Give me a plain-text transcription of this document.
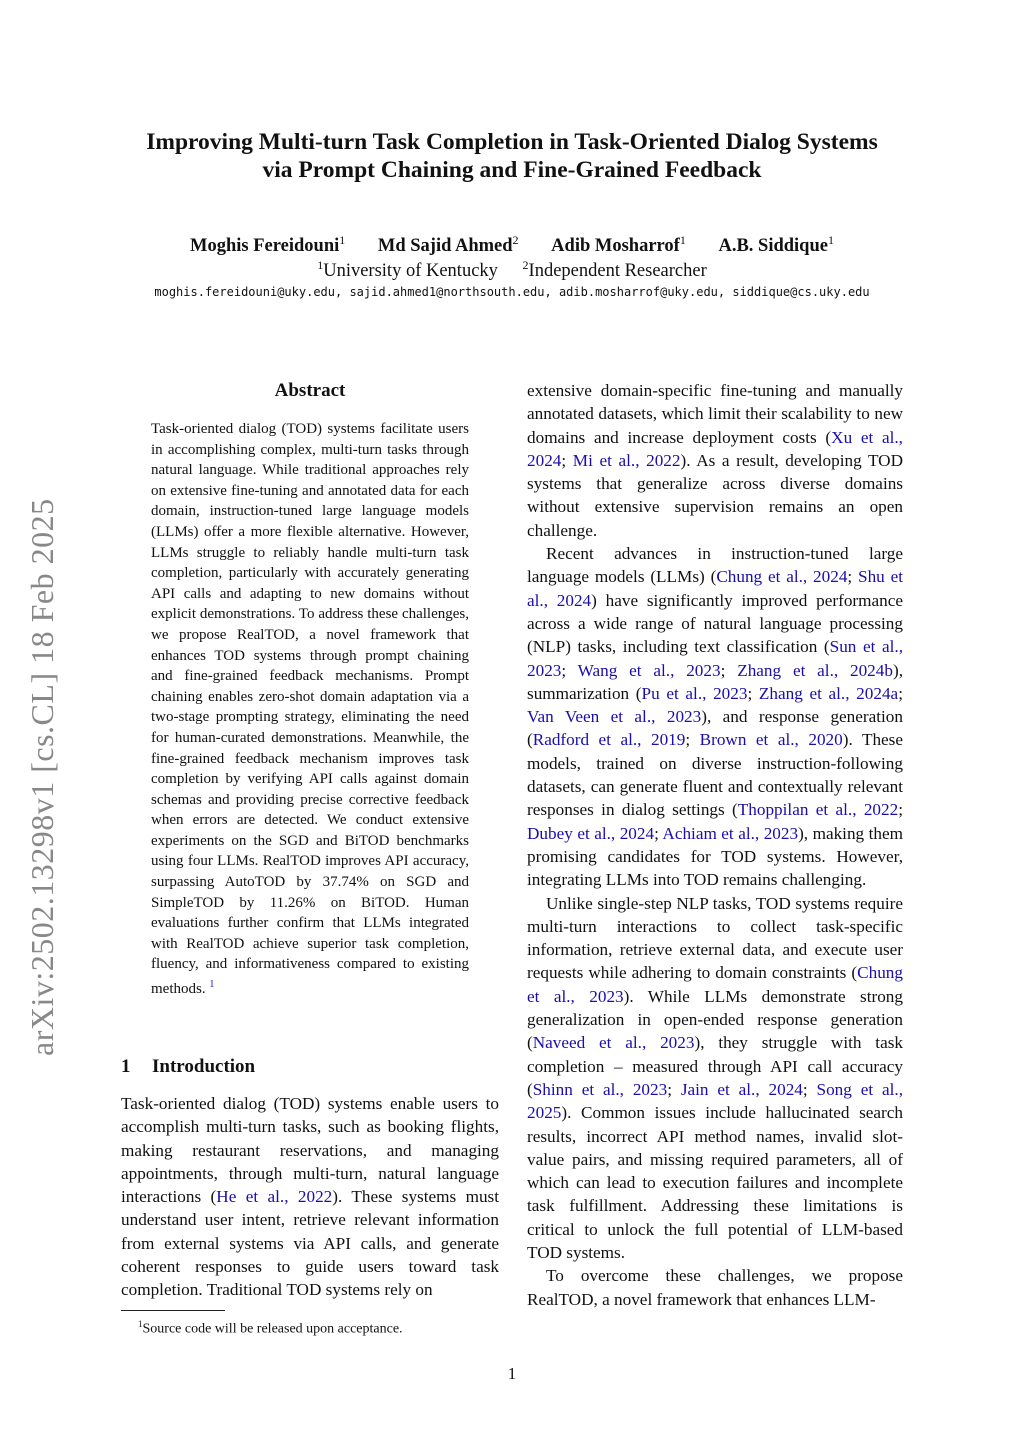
Improving Multi-turn Task Completion in Task-Oriented Dialog Systems

via Prompt Chaining and Fine-Grained Feedback

Moghis Fereidouni$^1$ Md Sajid Ahmed$^2$ Adib Mosharrof$^1$ A.B. Siddique$^1$
$^1$University of Kentucky $^2$Independent Researcher
moghis.fereidouni@uky.edu, sajid.ahmed1@northsouth.edu, adib.mosharrof@uky.edu, siddique@cs.uky.edu
arXiv:2502.13298v1 [cs.CL] 18 Feb 2025
Abstract

Task-oriented dialog (TOD) systems facilitate users in accomplishing complex, multi-turn tasks through natural language. While traditional approaches rely on extensive fine-tuning and annotated data for each domain, instruction-tuned large language models (LLMs) offer a more flexible alternative. However, LLMs struggle to reliably handle multi-turn task completion, particularly with accurately generating API calls and adapting to new domains without explicit demonstrations. To address these challenges, we propose RealTOD, a novel framework that enhances TOD systems through prompt chaining and fine-grained feedback mechanisms. Prompt chaining enables zero-shot domain adaptation via a two-stage prompting strategy, eliminating the need for human-curated demonstrations. Meanwhile, the fine-grained feedback mechanism improves task completion by verifying API calls against domain schemas and providing precise corrective feedback when errors are detected. We conduct extensive experiments on the SGD and BiTOD benchmarks using four LLMs. RealTOD improves API accuracy, surpassing AutoTOD by 37.74% on SGD and SimpleTOD by 11.26% on BiTOD. Human evaluations further confirm that LLMs integrated with RealTOD achieve superior task completion, fluency, and informativeness compared to existing methods. $^1$

1 Introduction

Task-oriented dialog (TOD) systems enable users to accomplish multi-turn tasks, such as booking flights, making restaurant reservations, and managing appointments, through multi-turn, natural language interactions (He et al., 2022). These systems must understand user intent, retrieve relevant information from external systems via API calls, and generate coherent responses to guide users toward task completion. Traditional TOD systems rely on

$^1$Source code will be released upon acceptance.

extensive domain-specific fine-tuning and manually annotated datasets, which limit their scalability to new domains and increase deployment costs (Xu et al., 2024; Mi et al., 2022). As a result, developing TOD systems that generalize across diverse domains without extensive supervision remains an open challenge.

Recent advances in instruction-tuned large language models (LLMs) (Chung et al., 2024; Shu et al., 2024) have significantly improved performance across a wide range of natural language processing (NLP) tasks, including text classification (Sun et al., 2023; Wang et al., 2023; Zhang et al., 2024b), summarization (Pu et al., 2023; Zhang et al., 2024a; Van Veen et al., 2023), and response generation (Radford et al., 2019; Brown et al., 2020). These models, trained on diverse instruction-following datasets, can generate fluent and contextually relevant responses in dialog settings (Thoppilan et al., 2022; Dubey et al., 2024; Achiam et al., 2023), making them promising candidates for TOD systems. However, integrating LLMs into TOD remains challenging.

Unlike single-step NLP tasks, TOD systems require multi-turn interactions to collect task-specific information, retrieve external data, and execute user requests while adhering to domain constraints (Chung et al., 2023). While LLMs demonstrate strong generalization in open-ended response generation (Naveed et al., 2023), they struggle with task completion – measured through API call accuracy (Shinn et al., 2023; Jain et al., 2024; Song et al., 2025). Common issues include hallucinated search results, incorrect API method names, invalid slot-value pairs, and missing required parameters, all of which can lead to execution failures and incomplete task fulfillment. Addressing these limitations is critical to unlock the full potential of LLM-based TOD systems.

To overcome these challenges, we propose RealTOD, a novel framework that enhances LLM-

1
